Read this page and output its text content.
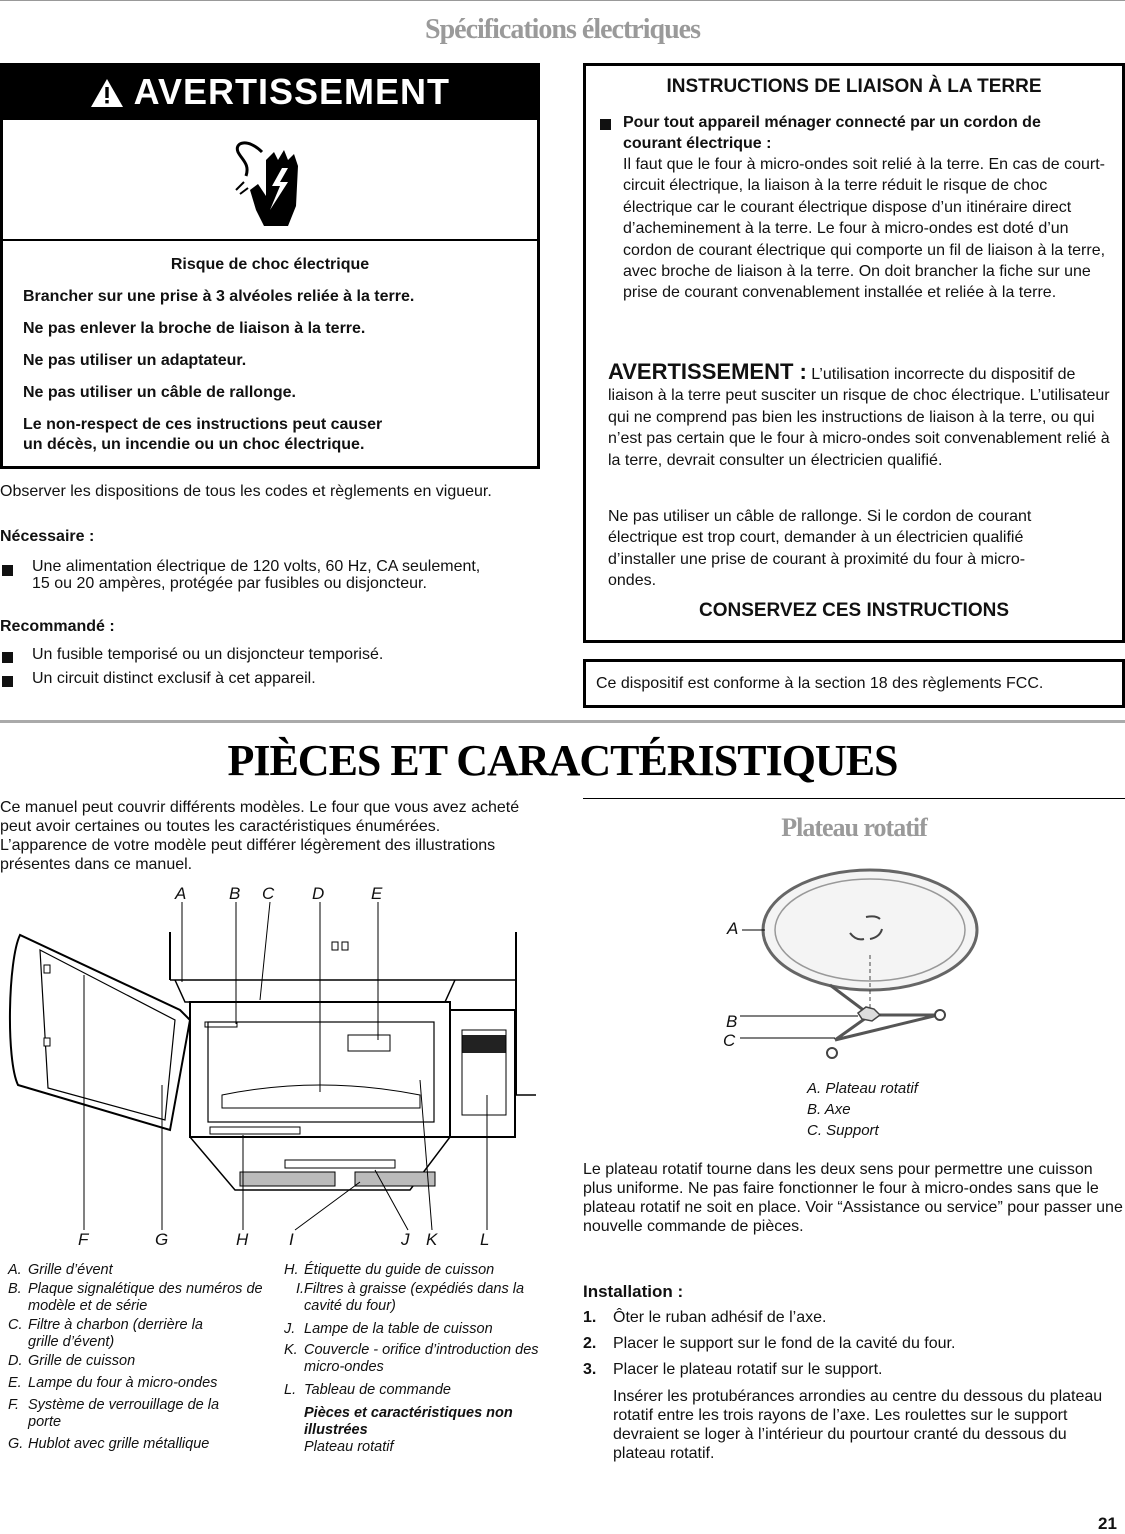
Spécifications électriques
AVERTISSEMENT
Risque de choc électrique
Brancher sur une prise à 3 alvéoles reliée à la terre.
Ne pas enlever la broche de liaison à la terre.
Ne pas utiliser un adaptateur.
Ne pas utiliser un câble de rallonge.
Le non-respect de ces instructions peut causer
un décès, un incendie ou un choc électrique.
Observer les dispositions de tous les codes et règlements en vigueur.
Nécessaire :
Une alimentation électrique de 120 volts, 60 Hz, CA seulement, 15 ou 20 ampères, protégée par fusibles ou disjoncteur.
Recommandé :
Un fusible temporisé ou un disjoncteur temporisé.
Un circuit distinct exclusif à cet appareil.
INSTRUCTIONS DE LIAISON À LA TERRE
Pour tout appareil ménager connecté par un cordon de courant électrique :
Il faut que le four à micro-ondes soit relié à la terre. En cas de court-circuit électrique, la liaison à la terre réduit le risque de choc électrique car le courant électrique dispose d’un itinéraire direct d’acheminement à la terre. Le four à micro-ondes est doté d’un cordon de courant électrique qui comporte un fil de liaison à la terre, avec broche de liaison à la terre. On doit brancher la fiche sur une prise de courant convenablement installée et reliée à la terre.
AVERTISSEMENT : L’utilisation incorrecte du dispositif de liaison à la terre peut susciter un risque de choc électrique. L’utilisateur qui ne comprend pas bien les instructions de liaison à la terre, ou qui n’est pas certain que le four à micro-ondes soit convenablement relié à la terre, devrait consulter un électricien qualifié.
Ne pas utiliser un câble de rallonge. Si le cordon de courant électrique est trop court, demander à un électricien qualifié d’installer une prise de courant à proximité du four à micro-ondes.
CONSERVEZ CES INSTRUCTIONS
Ce dispositif est conforme à la section 18 des règlements FCC.
PIÈCES ET CARACTÉRISTIQUES
Ce manuel peut couvrir différents modèles. Le four que vous avez acheté peut avoir certaines ou toutes les caractéristiques énumérées. L’apparence de votre modèle peut différer légèrement des illustrations présentes dans ce manuel.
A	B C D	E
F	G	H I	J K	L
A. Grille d’évent
B. Plaque signalétique des numéros de modèle et de série
C. Filtre à charbon (derrière la grille d’évent)
D. Grille de cuisson
E. Lampe du four à micro-ondes
F. Système de verrouillage de la porte
G. Hublot avec grille métallique
H. Étiquette du guide de cuisson
I. Filtres à graisse (expédiés dans la cavité du four)
J. Lampe de la table de cuisson
K. Couvercle - orifice d’introduction des micro-ondes
L. Tableau de commande
Pièces et caractéristiques non illustrées
Plateau rotatif
Plateau rotatif
A
B
C
A. Plateau rotatif
B. Axe
C. Support
Le plateau rotatif tourne dans les deux sens pour permettre une cuisson plus uniforme. Ne pas faire fonctionner le four à micro-ondes sans que le plateau rotatif ne soit en place. Voir “Assistance ou service” pour passer une nouvelle commande de pièces.
Installation :
1. Ôter le ruban adhésif de l’axe.
2. Placer le support sur le fond de la cavité du four.
3. Placer le plateau rotatif sur le support.
Insérer les protubérances arrondies au centre du dessous du plateau rotatif entre les trois rayons de l’axe. Les roulettes sur le support devraient se loger à l’intérieur du pourtour cranté du dessous du plateau rotatif.
21
